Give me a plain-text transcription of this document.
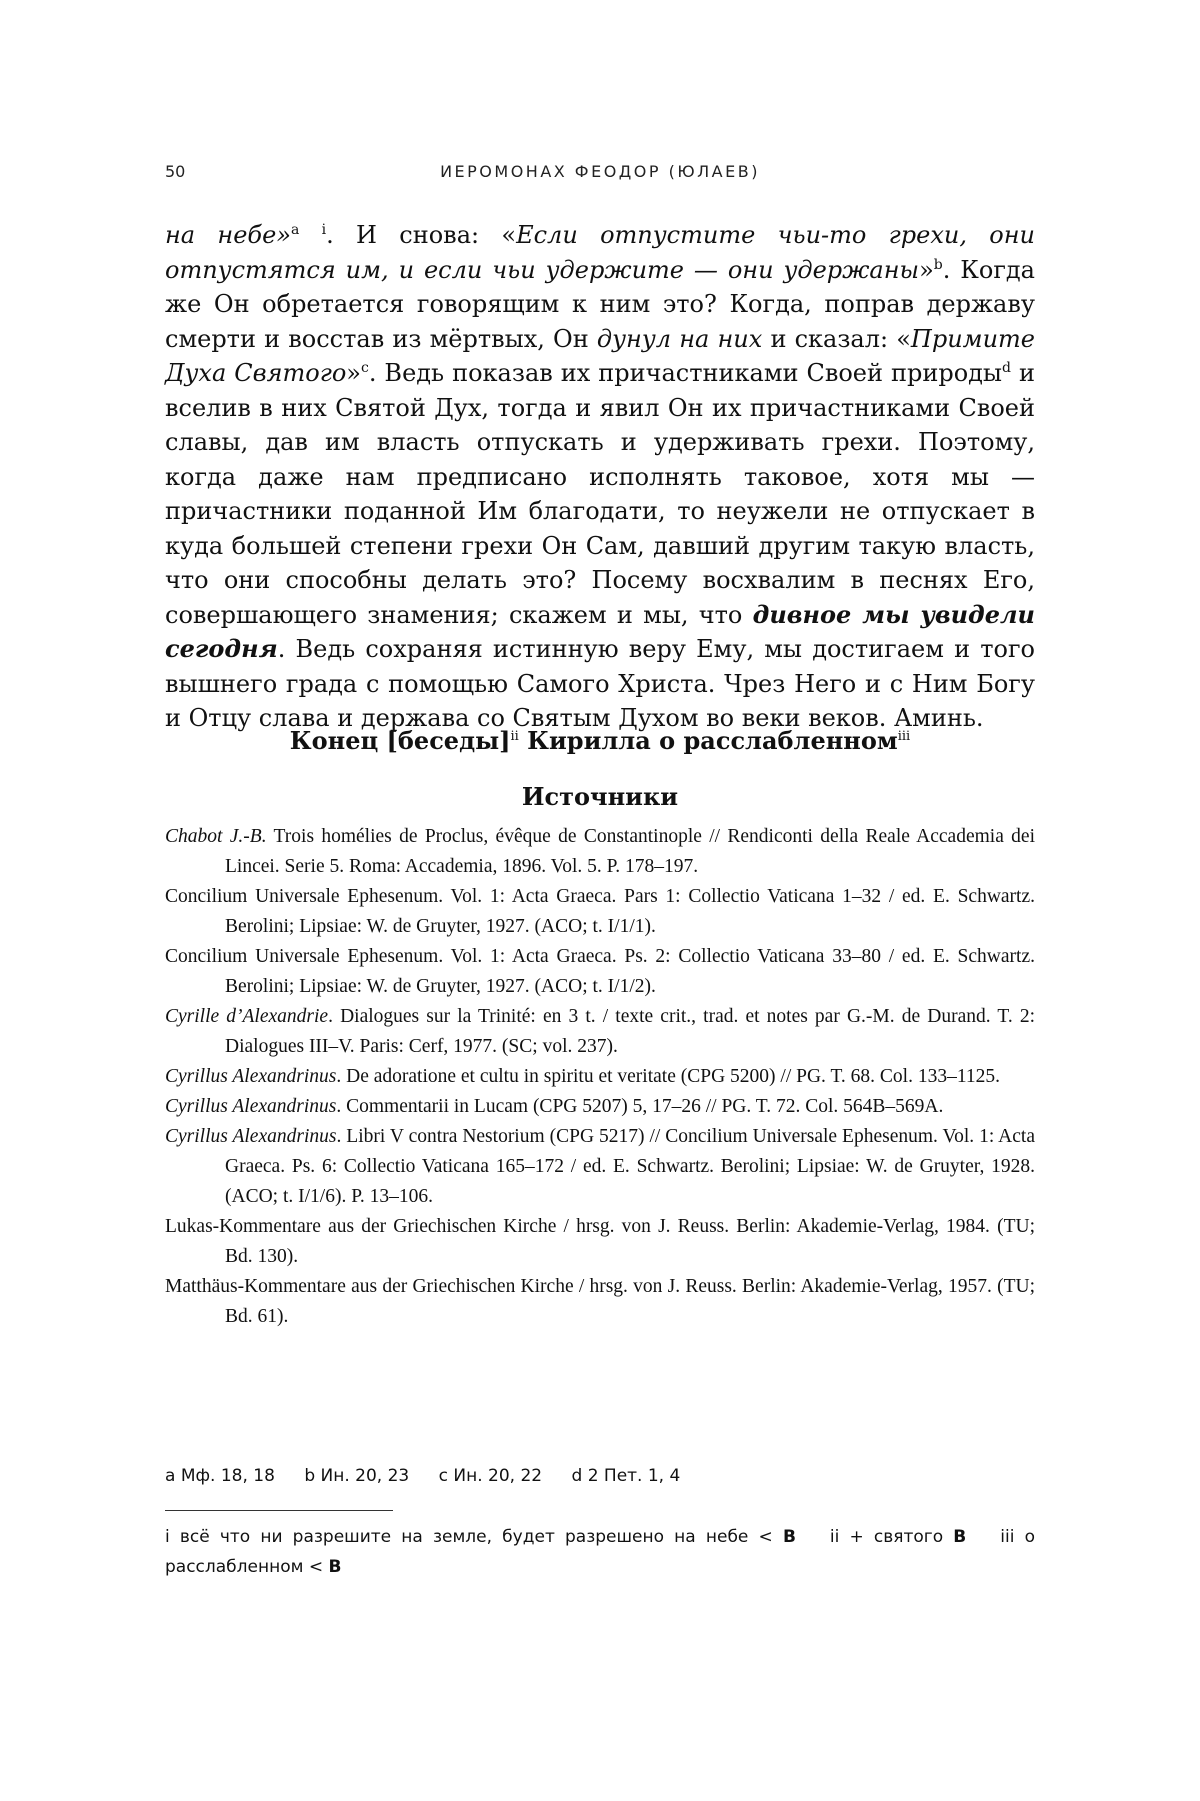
50	ИЕРОМОНАХ ФЕОДОР (ЮЛАЕВ)

на небе»$^a$ $^i$. И снова: «Если отпустите чьи-то грехи, они отпустятся им, и если чьи удержите — они удержаны»$^b$. Когда же Он обретается говорящим к ним это? Когда, поправ державу смерти и восстав из мёртвых, Он дунул на них и сказал: «Примите Духа Святого»$^c$. Ведь показав их причастниками Своей природы$^d$ и вселив в них Святой Дух, тогда и явил Он их причастниками Своей славы, дав им власть отпускать и удерживать грехи. Поэтому, когда даже нам предписано исполнять таковое, хотя мы — причастники поданной Им благодати, то неужели не отпускает в куда большей степени грехи Он Сам, давший другим такую власть, что они способны делать это? Посему восхвалим в песнях Его, совершающего знамения; скажем и мы, что дивное мы увидели сегодня. Ведь сохраняя истинную веру Ему, мы достигаем и того вышнего града с помощью Самого Христа. Чрез Него и с Ним Богу и Отцу слава и держава со Святым Духом во веки веков. Аминь.

Конец [беседы]$^{ii}$ Кирилла о расслабленном$^{iii}$
Источники

Chabot J.-B. Trois homélies de Proclus, évêque de Constantinople // Rendiconti della Reale Accademia dei Lincei. Serie 5. Roma: Accademia, 1896. Vol. 5. P. 178–197.

Concilium Universale Ephesenum. Vol. 1: Acta Graeca. Pars 1: Collectio Vaticana 1–32 / ed. E. Schwartz. Berolini; Lipsiae: W. de Gruyter, 1927. (ACO; t. I/1/1).

Concilium Universale Ephesenum. Vol. 1: Acta Graeca. Ps. 2: Collectio Vaticana 33–80 / ed. E. Schwartz. Berolini; Lipsiae: W. de Gruyter, 1927. (ACO; t. I/1/2).

Cyrille d’Alexandrie. Dialogues sur la Trinité: en 3 t. / texte crit., trad. et notes par G.-M. de Durand. T. 2: Dialogues III–V. Paris: Cerf, 1977. (SC; vol. 237).

Cyrillus Alexandrinus. De adoratione et cultu in spiritu et veritate (CPG 5200) // PG. T. 68. Col. 133–1125.

Cyrillus Alexandrinus. Commentarii in Lucam (CPG 5207) 5, 17–26 // PG. T. 72. Col. 564B–569A.

Cyrillus Alexandrinus. Libri V contra Nestorium (CPG 5217) // Concilium Universale Ephesenum. Vol. 1: Acta Graeca. Ps. 6: Collectio Vaticana 165–172 / ed. E. Schwartz. Berolini; Lipsiae: W. de Gruyter, 1928. (ACO; t. I/1/6). P. 13–106.

Lukas-Kommentare aus der Griechischen Kirche / hrsg. von J. Reuss. Berlin: Akademie-Verlag, 1984. (TU; Bd. 130).

Matthäus-Kommentare aus der Griechischen Kirche / hrsg. von J. Reuss. Berlin: Akademie-Verlag, 1957. (TU; Bd. 61).

a Мф. 18, 18 b Ин. 20, 23 c Ин. 20, 22 d 2 Пет. 1, 4
i всё что ни разрешите на земле, будет разрешено на небе < B ii + святого B iii о расслабленном < B
